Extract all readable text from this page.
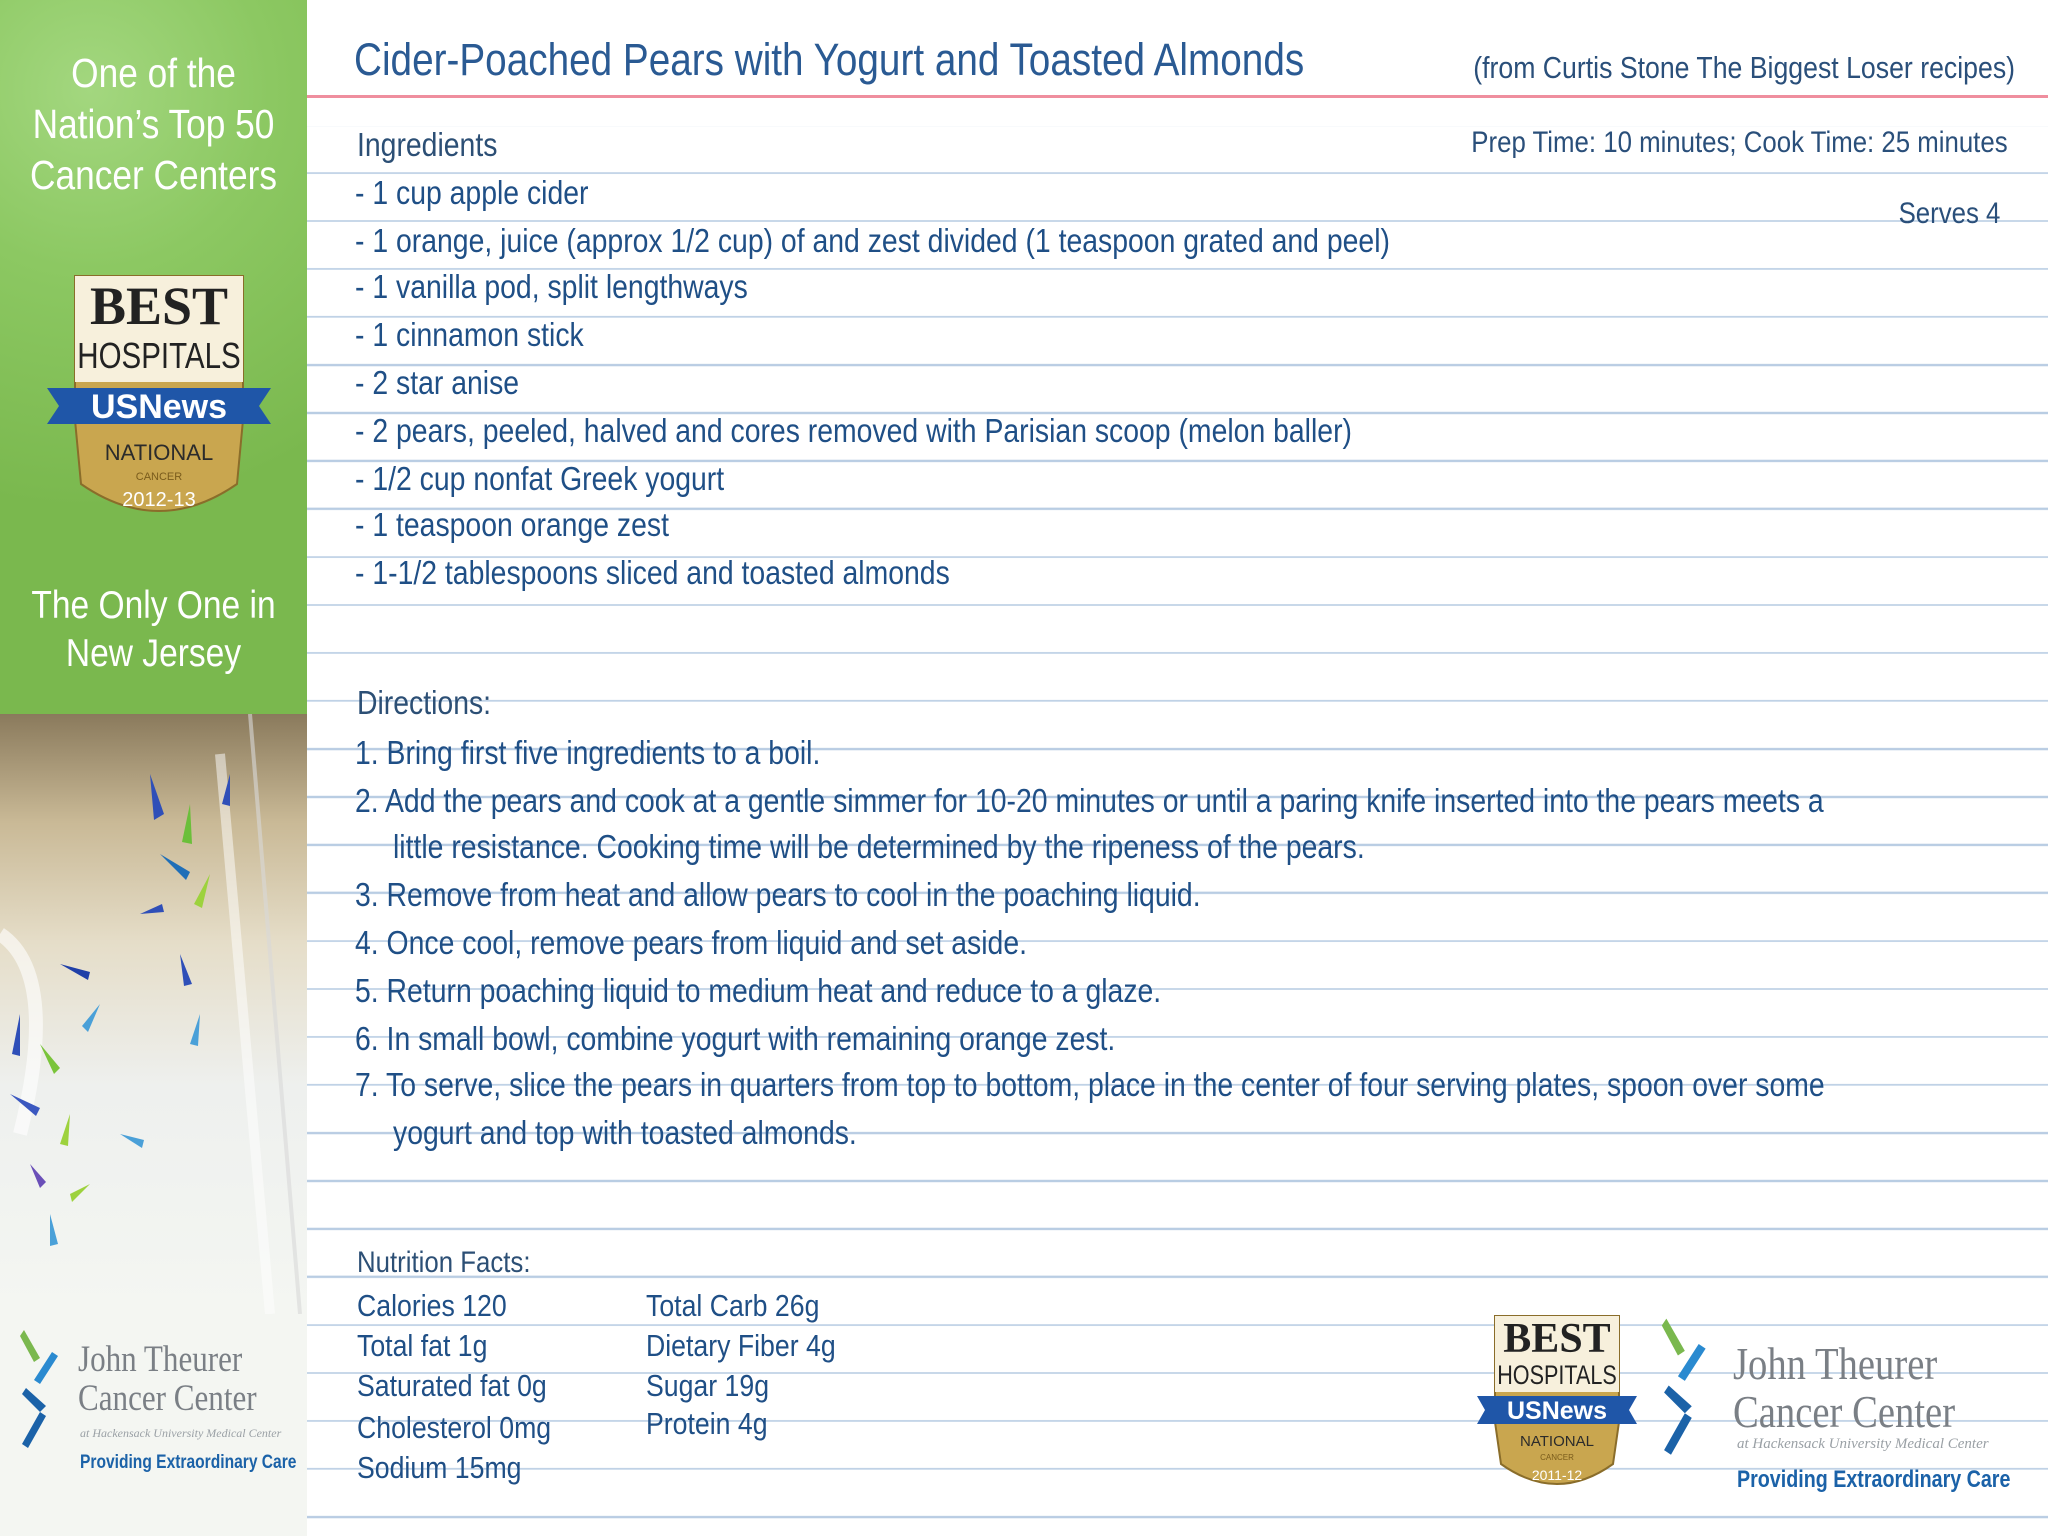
One of the
Nation’s Top 50
Cancer Centers
BEST
HOSPITALS
USNews
NATIONAL
CANCER
2012-13
The Only One in
New Jersey
John Theurer
Cancer Center
at Hackensack University Medical Center
Providing Extraordinary Care
Cider-Poached Pears with Yogurt and Toasted Almonds	(from Curtis Stone The Biggest Loser recipes)
Ingredients	Prep Time: 10 minutes; Cook Time: 25 minutes
Serves 4
- 1 cup apple cider
- 1 orange, juice (approx 1/2 cup) of and zest divided (1 teaspoon grated and peel)
- 1 vanilla pod, split lengthways
- 1 cinnamon stick
- 2 star anise
- 2 pears, peeled, halved and cores removed with Parisian scoop (melon baller)
- 1/2 cup nonfat Greek yogurt
- 1 teaspoon orange zest
- 1-1/2 tablespoons sliced and toasted almonds
Directions:
1. Bring first five ingredients to a boil.
2. Add the pears and cook at a gentle simmer for 10-20 minutes or until a paring knife inserted into the pears meets a
little resistance. Cooking time will be determined by the ripeness of the pears.
3. Remove from heat and allow pears to cool in the poaching liquid.
4. Once cool, remove pears from liquid and set aside.
5. Return poaching liquid to medium heat and reduce to a glaze.
6. In small bowl, combine yogurt with remaining orange zest.
7. To serve, slice the pears in quarters from top to bottom, place in the center of four serving plates, spoon over some
yogurt and top with toasted almonds.
Nutrition Facts:
Calories 120
Total fat 1g
Saturated fat 0g
Cholesterol 0mg
Sodium 15mg
Total Carb 26g
Dietary Fiber 4g
Sugar 19g
Protein 4g
BEST
HOSPITALS
USNews
NATIONAL
CANCER
2011-12
John Theurer
Cancer Center
at Hackensack University Medical Center
Providing Extraordinary Care
